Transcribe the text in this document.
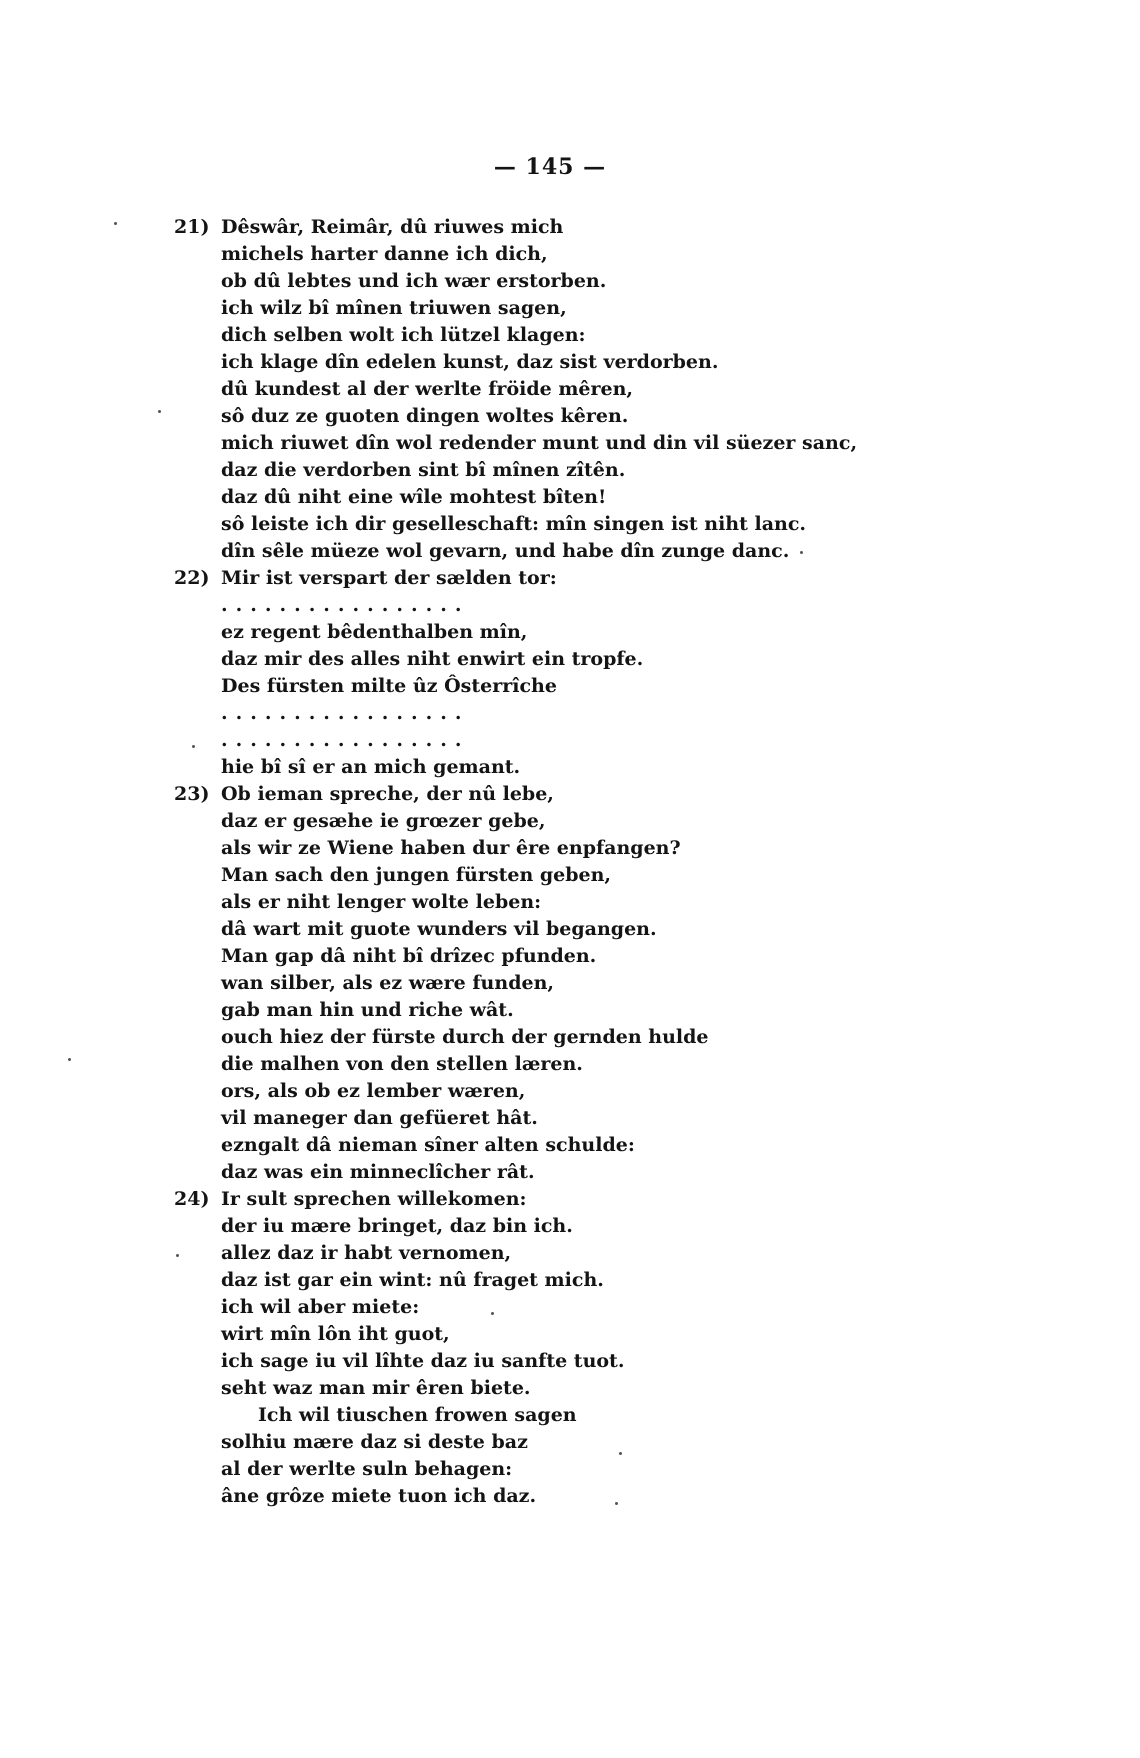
— 145 —
21) Dêswâr, Reimâr, dû riuwes mich
michels harter danne ich dich,
ob dû lebtes und ich wær erstorben.
ich wilz bî mînen triuwen sagen,
dich selben wolt ich lützel klagen:
ich klage dîn edelen kunst, daz sist verdorben.
dû kundest al der werlte fröide mêren,
sô duz ze guoten dingen woltes kêren.
mich riuwet dîn wol redender munt und din vil süezer sanc,
daz die verdorben sint bî mînen zîtên.
daz dû niht eine wîle mohtest bîten!
sô leiste ich dir geselleschaft: mîn singen ist niht lanc.
dîn sêle müeze wol gevarn, und habe dîn zunge danc.
22) Mir ist verspart der sælden tor:
.................
ez regent bêdenthalben mîn,
daz mir des alles niht enwirt ein tropfe.
Des fürsten milte ûz Ôsterrîche
.................
.................
hie bî sî er an mich gemant.
23) Ob ieman spreche, der nû lebe,
daz er gesæhe ie grœzer gebe,
als wir ze Wiene haben dur êre enpfangen?
Man sach den jungen fürsten geben,
als er niht lenger wolte leben:
dâ wart mit guote wunders vil begangen.
Man gap dâ niht bî drîzec pfunden.
wan silber, als ez wære funden,
gab man hin und riche wât.
ouch hiez der fürste durch der gernden hulde
die malhen von den stellen læren.
ors, als ob ez lember wæren,
vil maneger dan gefüeret hât.
ezngalt dâ nieman sîner alten schulde:
daz was ein minneclîcher rât.
24) Ir sult sprechen willekomen:
der iu mære bringet, daz bin ich.
allez daz ir habt vernomen,
daz ist gar ein wint: nû fraget mich.
ich wil aber miete:
wirt mîn lôn iht guot,
ich sage iu vil lîhte daz iu sanfte tuot.
seht waz man mir êren biete.
Ich wil tiuschen frowen sagen
solhiu mære daz si deste baz
al der werlte suln behagen:
âne grôze miete tuon ich daz.
